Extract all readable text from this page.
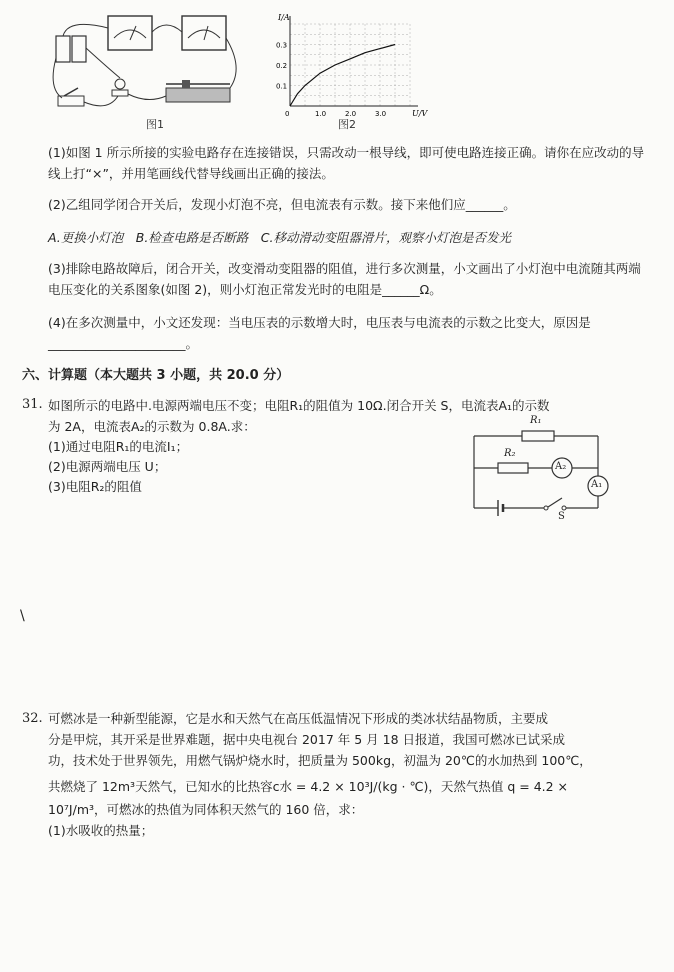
图1
I/A
U/V
0.3
0.2
0.1
0	1.0	2.0	3.0
图2
(1)如图 1 所示所接的实验电路存在连接错误，只需改动一根导线，即可使电路连接正确。请你在应改动的导线上打“×”，并用笔画线代替导线画出正确的接法。
(2)乙组同学闭合开关后，发现小灯泡不亮，但电流表有示数。接下来他们应______。
A.更换小灯泡　B.检查电路是否断路　C.移动滑动变阻器滑片，观察小灯泡是否发光
(3)排除电路故障后，闭合开关，改变滑动变阻器的阻值，进行多次测量，小文画出了小灯泡中电流随其两端电压变化的关系图象(如图 2)，则小灯泡正常发光时的电阻是______Ω。
(4)在多次测量中，小文还发现：当电压表的示数增大时，电压表与电流表的示数之比变大，原因是______________________。
六、计算题（本大题共 3 小题，共 20.0 分）
31. 如图所示的电路中.电源两端电压不变；电阻R₁的阻值为 10Ω.闭合开关 S，电流表A₁的示数
为 2A，电流表A₂的示数为 0.8A.求：
(1)通过电阻R₁的电流I₁；
(2)电源两端电压 U；
(3)电阻R₂的阻值
R₁
R₂
A₂
A₁
S
\
32. 可燃冰是一种新型能源，它是水和天然气在高压低温情况下形成的类冰状结晶物质，主要成
分是甲烷，其开采是世界难题，据中央电视台 2017 年 5 月 18 日报道，我国可燃冰已试采成
功，技术处于世界领先，用燃气锅炉烧水时，把质量为 500kg，初温为 20℃的水加热到 100℃，
共燃烧了 12m³天然气，已知水的比热容c水 = 4.2 × 10³J/(kg · ℃)，天然气热值 q = 4.2 ×
10⁷J/m³，可燃冰的热值为同体积天然气的 160 倍，求：
(1)水吸收的热量；
